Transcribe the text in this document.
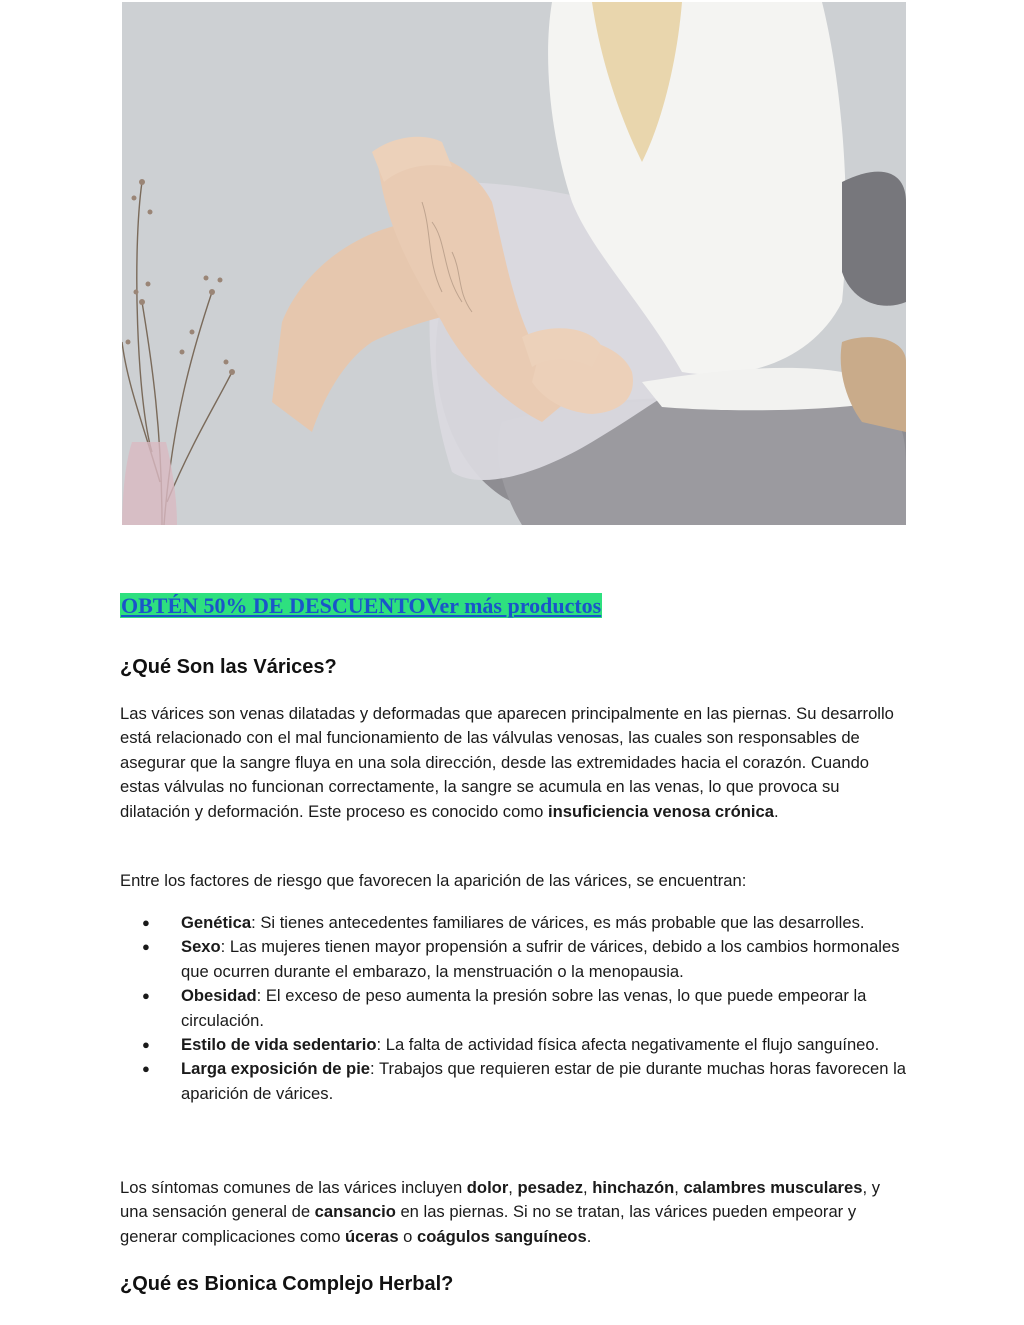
OBTÉN 50% DE DESCUENTOVer más productos
¿Qué Son las Várices?

Las várices son venas dilatadas y deformadas que aparecen principalmente en las piernas. Su desarrollo está relacionado con el mal funcionamiento de las válvulas venosas, las cuales son responsables de asegurar que la sangre fluya en una sola dirección, desde las extremidades hacia el corazón. Cuando estas válvulas no funcionan correctamente, la sangre se acumula en las venas, lo que provoca su dilatación y deformación. Este proceso es conocido como insuficiencia venosa crónica.

Entre los factores de riesgo que favorecen la aparición de las várices, se encuentran:

● Genética: Si tienes antecedentes familiares de várices, es más probable que las desarrolles.
● Sexo: Las mujeres tienen mayor propensión a sufrir de várices, debido a los cambios hormonales que ocurren durante el embarazo, la menstruación o la menopausia.
● Obesidad: El exceso de peso aumenta la presión sobre las venas, lo que puede empeorar la circulación.
● Estilo de vida sedentario: La falta de actividad física afecta negativamente el flujo sanguíneo.
● Larga exposición de pie: Trabajos que requieren estar de pie durante muchas horas favorecen la aparición de várices.

Los síntomas comunes de las várices incluyen dolor, pesadez, hinchazón, calambres musculares, y una sensación general de cansancio en las piernas. Si no se tratan, las várices pueden empeorar y generar complicaciones como úceras o coágulos sanguíneos.

¿Qué es Bionica Complejo Herbal?
